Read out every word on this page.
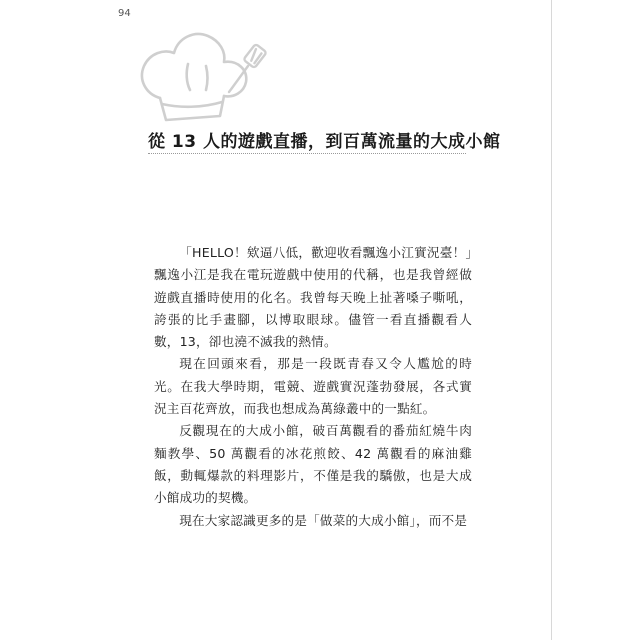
94
從 13 人的遊戲直播，到百萬流量的大成小館

「HELLO！欸逼八低，歡迎收看飄逸小江實況臺！」飄逸小江是我在電玩遊戲中使用的代稱，也是我曾經做遊戲直播時使用的化名。我曾每天晚上扯著嗓子嘶吼，誇張的比手畫腳，以博取眼球。儘管一看直播觀看人數，13，卻也澆不滅我的熱情。

現在回頭來看，那是一段既青春又令人尷尬的時光。在我大學時期，電競、遊戲實況蓬勃發展，各式實況主百花齊放，而我也想成為萬綠叢中的一點紅。

反觀現在的大成小館，破百萬觀看的番茄紅燒牛肉麵教學、50 萬觀看的冰花煎餃、42 萬觀看的麻油雞飯，動輒爆款的料理影片，不僅是我的驕傲，也是大成小館成功的契機。

現在大家認識更多的是「做菜的大成小館」，而不是
